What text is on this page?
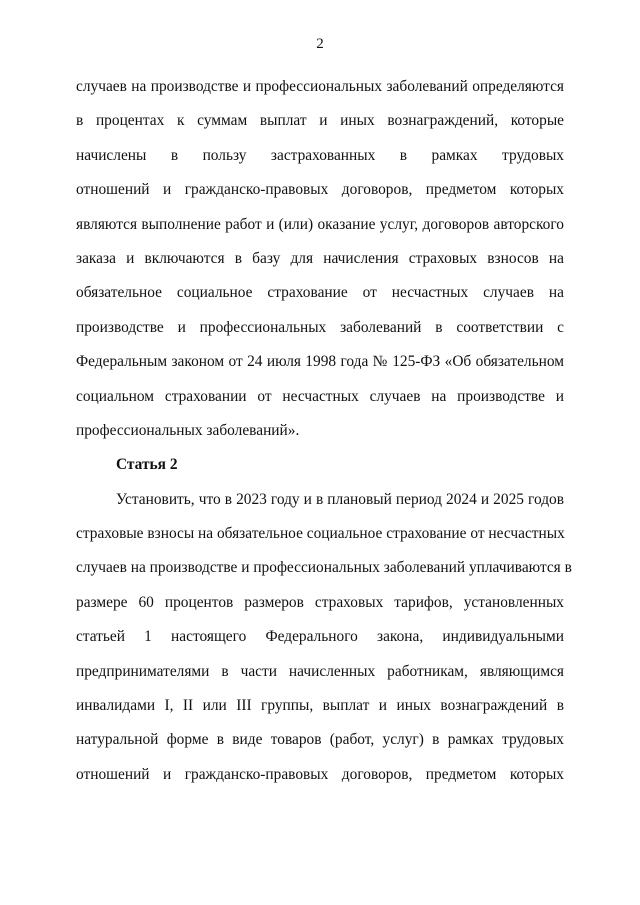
2
случаев на производстве и профессиональных заболеваний определяются
в процентах к суммам выплат и иных вознаграждений, которые
начислены в пользу застрахованных в рамках трудовых
отношений и гражданско-правовых договоров, предметом которых
являются выполнение работ и (или) оказание услуг, договоров авторского
заказа и включаются в базу для начисления страховых взносов на
обязательное социальное страхование от несчастных случаев на
производстве и профессиональных заболеваний в соответствии с
Федеральным законом от 24 июля 1998 года № 125-ФЗ «Об обязательном
социальном страховании от несчастных случаев на производстве и
профессиональных заболеваний».
Статья 2
Установить, что в 2023 году и в плановый период 2024 и 2025 годов
страховые взносы на обязательное социальное страхование от несчастных
случаев на производстве и профессиональных заболеваний уплачиваются в
размере 60 процентов размеров страховых тарифов, установленных
статьей 1 настоящего Федерального закона, индивидуальными
предпринимателями в части начисленных работникам, являющимся
инвалидами I, II или III группы, выплат и иных вознаграждений в
натуральной форме в виде товаров (работ, услуг) в рамках трудовых
отношений и гражданско-правовых договоров, предметом которых
